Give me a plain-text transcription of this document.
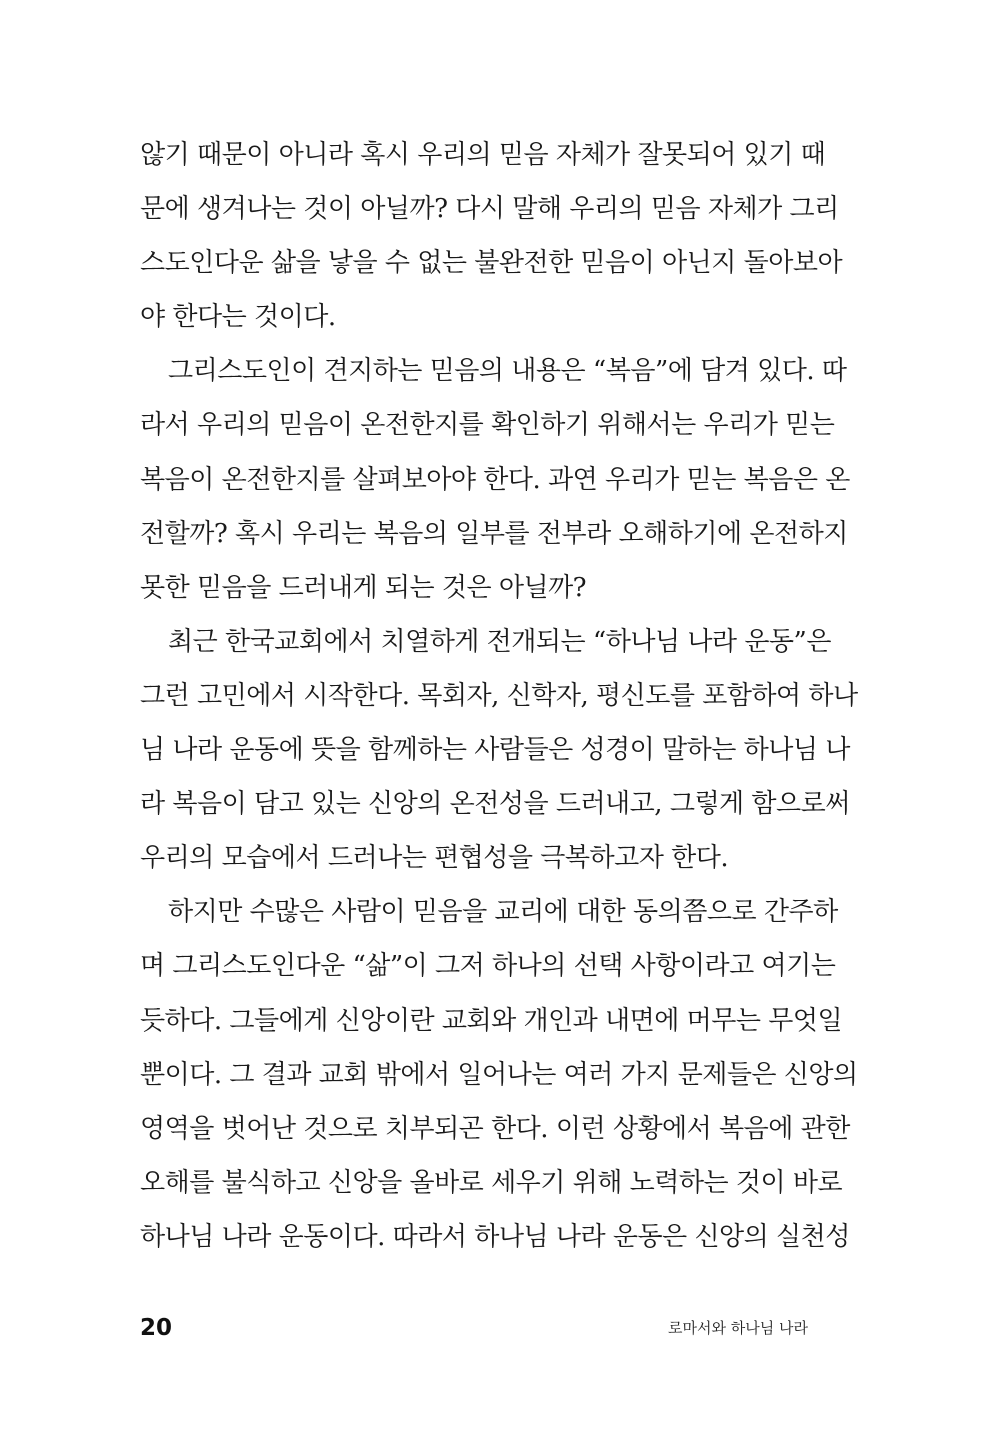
않기 때문이 아니라 혹시 우리의 믿음 자체가 잘못되어 있기 때
문에 생겨나는 것이 아닐까? 다시 말해 우리의 믿음 자체가 그리
스도인다운 삶을 낳을 수 없는 불완전한 믿음이 아닌지 돌아보아
야 한다는 것이다.
그리스도인이 견지하는 믿음의 내용은 “복음”에 담겨 있다. 따
라서 우리의 믿음이 온전한지를 확인하기 위해서는 우리가 믿는
복음이 온전한지를 살펴보아야 한다. 과연 우리가 믿는 복음은 온
전할까? 혹시 우리는 복음의 일부를 전부라 오해하기에 온전하지
못한 믿음을 드러내게 되는 것은 아닐까?
최근 한국교회에서 치열하게 전개되는 “하나님 나라 운동”은
그런 고민에서 시작한다. 목회자, 신학자, 평신도를 포함하여 하나
님 나라 운동에 뜻을 함께하는 사람들은 성경이 말하는 하나님 나
라 복음이 담고 있는 신앙의 온전성을 드러내고, 그렇게 함으로써
우리의 모습에서 드러나는 편협성을 극복하고자 한다.
하지만 수많은 사람이 믿음을 교리에 대한 동의쯤으로 간주하
며 그리스도인다운 “삶”이 그저 하나의 선택 사항이라고 여기는
듯하다. 그들에게 신앙이란 교회와 개인과 내면에 머무는 무엇일
뿐이다. 그 결과 교회 밖에서 일어나는 여러 가지 문제들은 신앙의
영역을 벗어난 것으로 치부되곤 한다. 이런 상황에서 복음에 관한
오해를 불식하고 신앙을 올바로 세우기 위해 노력하는 것이 바로
하나님 나라 운동이다. 따라서 하나님 나라 운동은 신앙의 실천성
20	로마서와 하나님 나라
